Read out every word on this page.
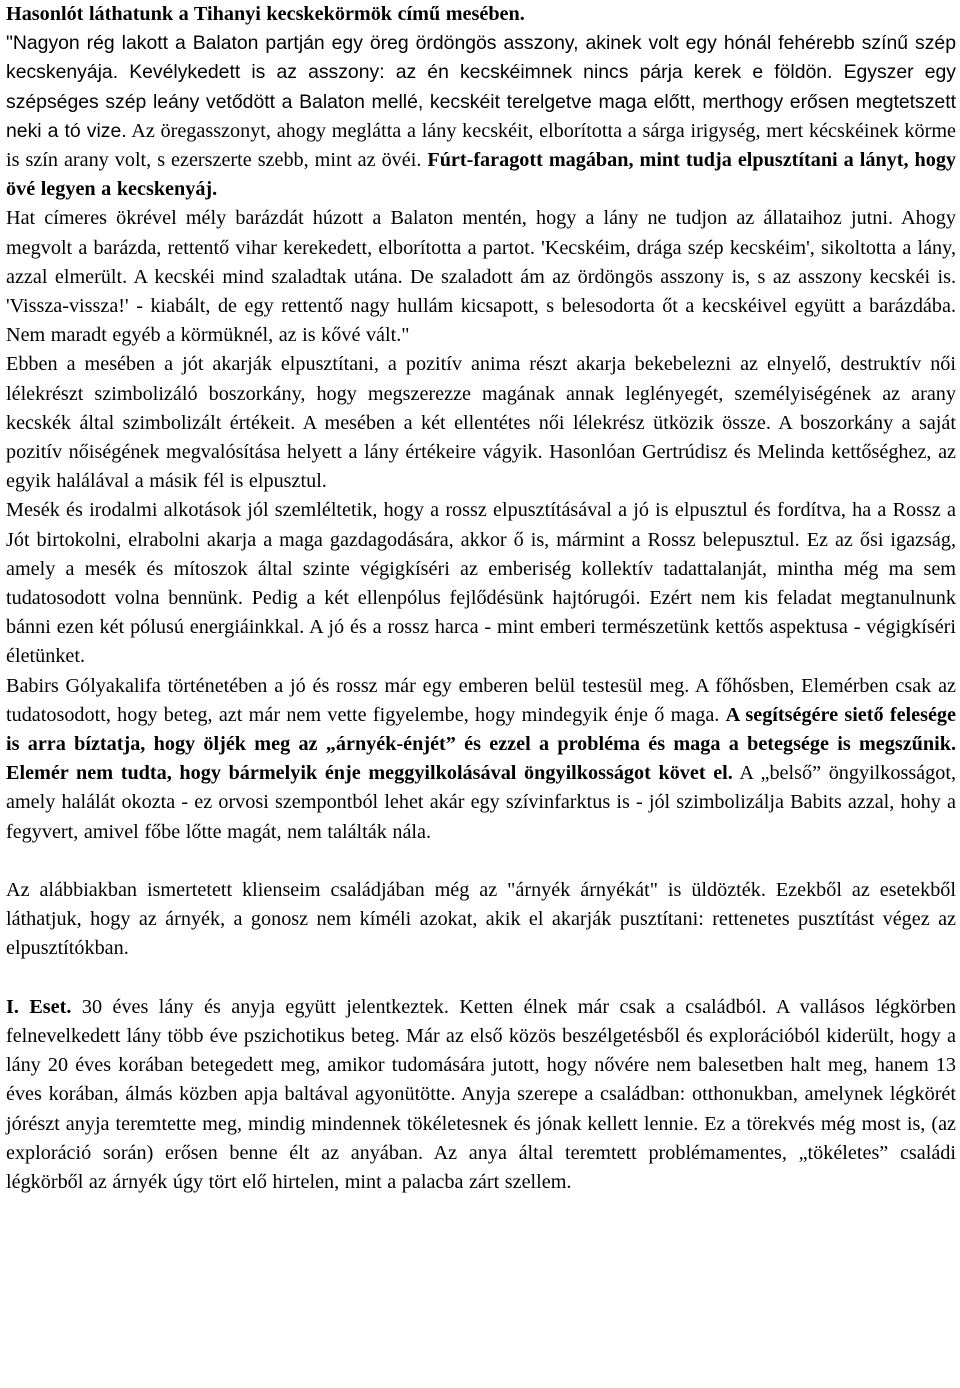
Hasonlót láthatunk a Tihanyi kecskekörmök című mesében.

"Nagyon rég lakott a Balaton partján egy öreg ördöngös asszony, akinek volt egy hónál fehérebb színű szép kecskenyája. Kevélykedett is az asszony: az én kecskéimnek nincs párja kerek e földön. Egyszer egy szépséges szép leány vetődött a Balaton mellé, kecskéit terelgetve maga előtt, merthogy erősen megtetszett neki a tó vize. Az öregasszonyt, ahogy meglátta a lány kecskéit, elborította a sárga irigység, mert kécskéinek körme is szín arany volt, s ezerszerte szebb, mint az övéi. Fúrt-faragott magában, mint tudja elpusztítani a lányt, hogy övé legyen a kecskenyáj.
Hat címeres ökrével mély barázdát húzott a Balaton mentén, hogy a lány ne tudjon az állataihoz jutni. Ahogy megvolt a barázda, rettentő vihar kerekedett, elborította a partot. 'Kecskéim, drága szép kecskéim', sikoltotta a lány, azzal elmerült. A kecskéi mind szaladtak utána. De szaladott ám az ördöngös asszony is, s az asszony kecskéi is. 'Vissza-vissza!' - kiabált, de egy rettentő nagy hullám kicsapott, s belesodorta őt a kecskéivel együtt a barázdába. Nem maradt egyéb a körmüknél, az is kővé vált."

Ebben a mesében a jót akarják elpusztítani, a pozitív anima részt akarja bekebelezni az elnyelő, destruktív női lélekrészt szimbolizáló boszorkány, hogy megszerezze magának annak leglényegét, személyiségének az arany kecskék által szimbolizált értékeit. A mesében a két ellentétes női lélekrész ütközik össze. A boszorkány a saját pozitív nőiségének megvalósítása helyett a lány értékeire vágyik. Hasonlóan Gertrúdisz és Melinda kettőséghez, az egyik halálával a másik fél is elpusztul.

Mesék és irodalmi alkotások jól szemléltetik, hogy a rossz elpusztításával a jó is elpusztul és fordítva, ha a Rossz a Jót birtokolni, elrabolni akarja a maga gazdagodására, akkor ő is, mármint a Rossz belepusztul. Ez az ősi igazság, amely a mesék és mítoszok által szinte végigkíséri az emberiség kollektív tadattalanját, mintha még ma sem tudatosodott volna bennünk. Pedig a két ellenpólus fejlődésünk hajtórugói. Ezért nem kis feladat megtanulnunk bánni ezen két pólusú energiáinkkal. A jó és a rossz harca - mint emberi természetünk kettős aspektusa - végigkíséri életünket.

Babirs Gólyakalifa történetében a jó és rossz már egy emberen belül testesül meg. A főhősben, Elemérben csak az tudatosodott, hogy beteg, azt már nem vette figyelembe, hogy mindegyik énje ő maga. A segítségére siető felesége is arra bíztatja, hogy öljék meg az „árnyék-énjét” és ezzel a probléma és maga a betegsége is megszűnik. Elemér nem tudta, hogy bármelyik énje meggyilkolásával öngyilkosságot követ el. A „belső” öngyilkosságot, amely halálát okozta - ez orvosi szempontból lehet akár egy szívinfarktus is - jól szimbolizálja Babits azzal, hohy a fegyvert, amivel főbe lőtte magát, nem találták nála.

Az alábbiakban ismertetett klienseim családjában még az "árnyék árnyékát" is üldözték. Ezekből az esetekből láthatjuk, hogy az árnyék, a gonosz nem kíméli azokat, akik el akarják pusztítani: rettenetes pusztítást végez az elpusztítókban.

I. Eset. 30 éves lány és anyja együtt jelentkeztek. Ketten élnek már csak a családból. A vallásos légkörben felnevelkedett lány több éve pszichotikus beteg. Már az első közös beszélgetésből és explorációból kiderült, hogy a lány 20 éves korában betegedett meg, amikor tudomására jutott, hogy nővére nem balesetben halt meg, hanem 13 éves korában, álmás közben apja baltával agyonütötte. Anyja szerepe a családban: otthonukban, amelynek légkörét jórészt anyja teremtette meg, mindig mindennek tökéletesnek és jónak kellett lennie. Ez a törekvés még most is, (az exploráció során) erősen benne élt az anyában. Az anya által teremtett problémamentes, „tökéletes” családi légkörből az árnyék úgy tört elő hirtelen, mint a palacba zárt szellem.
